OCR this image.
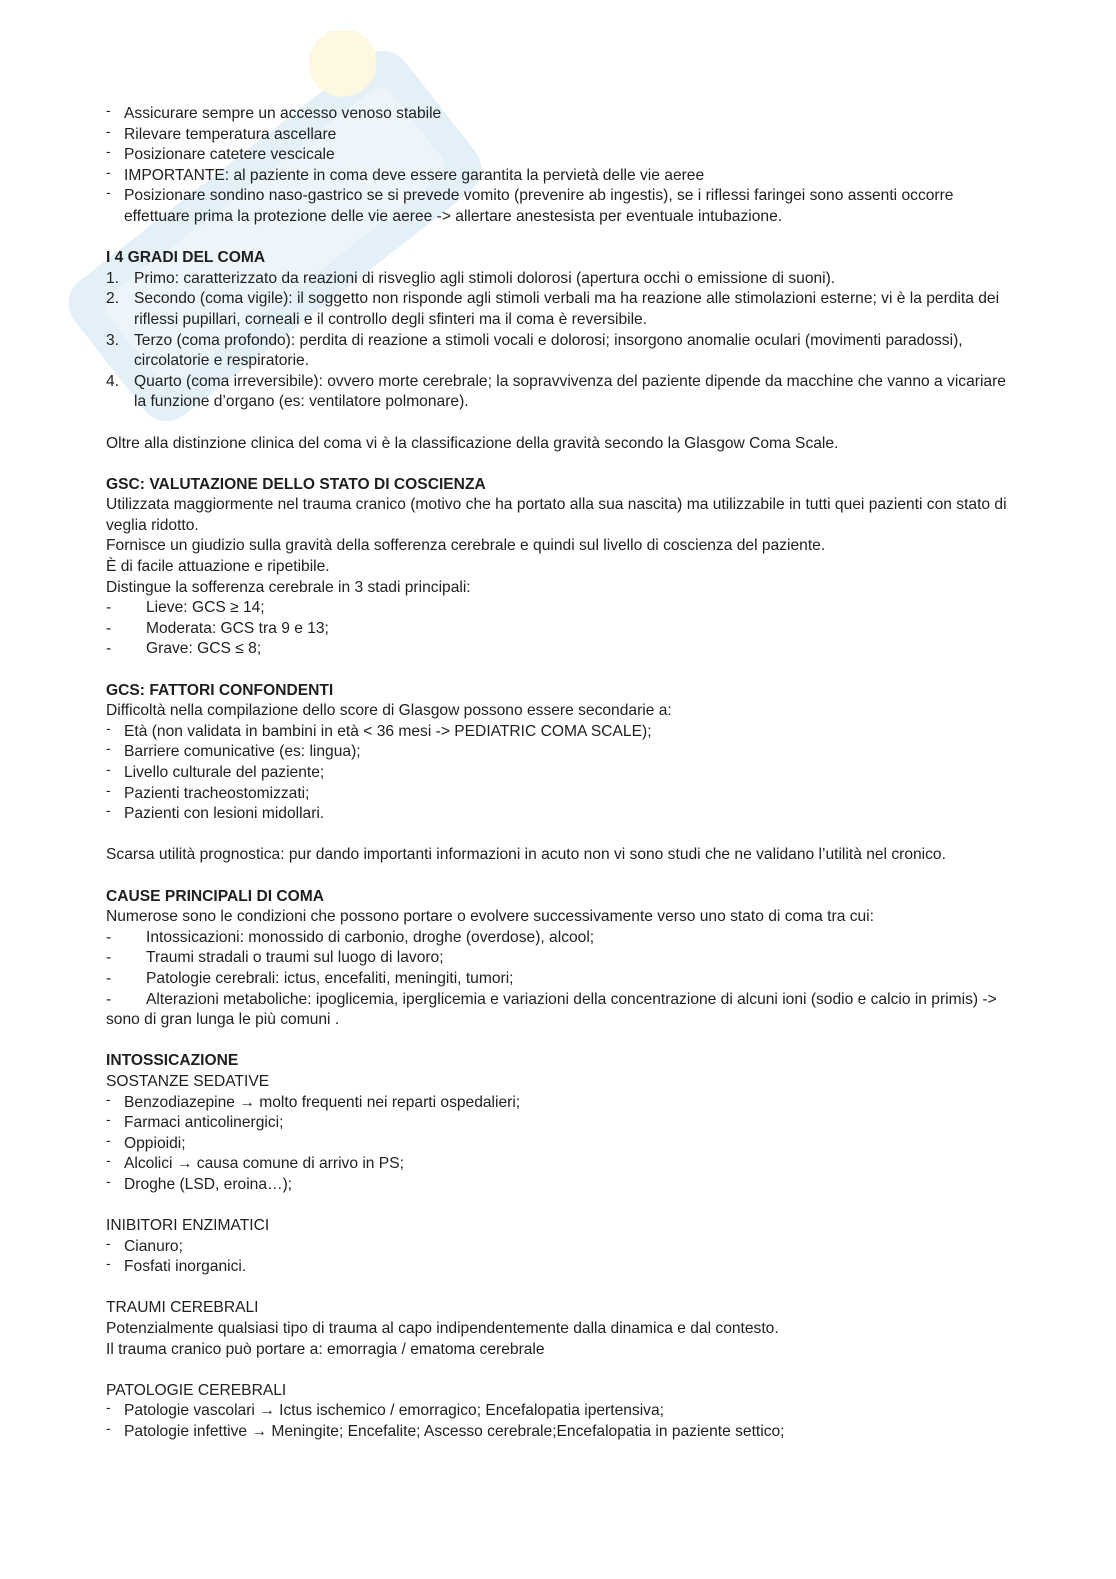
‐ Assicurare sempre un accesso venoso stabile
‐ Rilevare temperatura ascellare
‐ Posizionare catetere vescicale
‐ IMPORTANTE: al paziente in coma deve essere garantita la pervietà delle vie aeree
‐ Posizionare sondino naso-gastrico se si prevede vomito (prevenire ab ingestis), se i riflessi faringei sono assenti occorre effettuare prima la protezione delle vie aeree -> allertare anestesista per eventuale intubazione.

I 4 GRADI DEL COMA

1. Primo: caratterizzato da reazioni di risveglio agli stimoli dolorosi (apertura occhi o emissione di suoni).
2. Secondo (coma vigile): il soggetto non risponde agli stimoli verbali ma ha reazione alle stimolazioni esterne; vi è la perdita dei riflessi pupillari, corneali e il controllo degli sfinteri ma il coma è reversibile.
3. Terzo (coma profondo): perdita di reazione a stimoli vocali e dolorosi; insorgono anomalie oculari (movimenti paradossi), circolatorie e respiratorie.
4. Quarto (coma irreversibile): ovvero morte cerebrale; la sopravvivenza del paziente dipende da macchine che vanno a vicariare la funzione d’organo (es: ventilatore polmonare).

Oltre alla distinzione clinica del coma vi è la classificazione della gravità secondo la Glasgow Coma Scale.

GSC: VALUTAZIONE DELLO STATO DI COSCIENZA

Utilizzata maggiormente nel trauma cranico (motivo che ha portato alla sua nascita) ma utilizzabile in tutti quei pazienti con stato di veglia ridotto.

Fornisce un giudizio sulla gravità della sofferenza cerebrale e quindi sul livello di coscienza del paziente.

È di facile attuazione e ripetibile.

Distingue la sofferenza cerebrale in 3 stadi principali:

- Lieve: GCS ≥ 14;
- Moderata: GCS tra 9 e 13;
- Grave: GCS ≤ 8;

GCS: FATTORI CONFONDENTI

Difficoltà nella compilazione dello score di Glasgow possono essere secondarie a:

‐ Età (non validata in bambini in età < 36 mesi -> PEDIATRIC COMA SCALE);
‐ Barriere comunicative (es: lingua);
‐ Livello culturale del paziente;
‐ Pazienti tracheostomizzati;
‐ Pazienti con lesioni midollari.

Scarsa utilità prognostica: pur dando importanti informazioni in acuto non vi sono studi che ne validano l’utilità nel cronico.

CAUSE PRINCIPALI DI COMA

Numerose sono le condizioni che possono portare o evolvere successivamente verso uno stato di coma tra cui:

- Intossicazioni: monossido di carbonio, droghe (overdose), alcool;
- Traumi stradali o traumi sul luogo di lavoro;
- Patologie cerebrali: ictus, encefaliti, meningiti, tumori;
- Alterazioni metaboliche: ipoglicemia, iperglicemia e variazioni della concentrazione di alcuni ioni (sodio e calcio in primis) -> sono di gran lunga le più comuni .

INTOSSICAZIONE

SOSTANZE SEDATIVE

‐ Benzodiazepine → molto frequenti nei reparti ospedalieri;
‐ Farmaci anticolinergici;
‐ Oppioidi;
‐ Alcolici → causa comune di arrivo in PS;
‐ Droghe (LSD, eroina…);

INIBITORI ENZIMATICI

‐ Cianuro;
‐ Fosfati inorganici.

TRAUMI CEREBRALI

Potenzialmente qualsiasi tipo di trauma al capo indipendentemente dalla dinamica e dal contesto.

Il trauma cranico può portare a: emorragia / ematoma cerebrale

PATOLOGIE CEREBRALI

‐ Patologie vascolari → Ictus ischemico / emorragico; Encefalopatia ipertensiva;
‐ Patologie infettive → Meningite; Encefalite; Ascesso cerebrale;Encefalopatia in paziente settico;
